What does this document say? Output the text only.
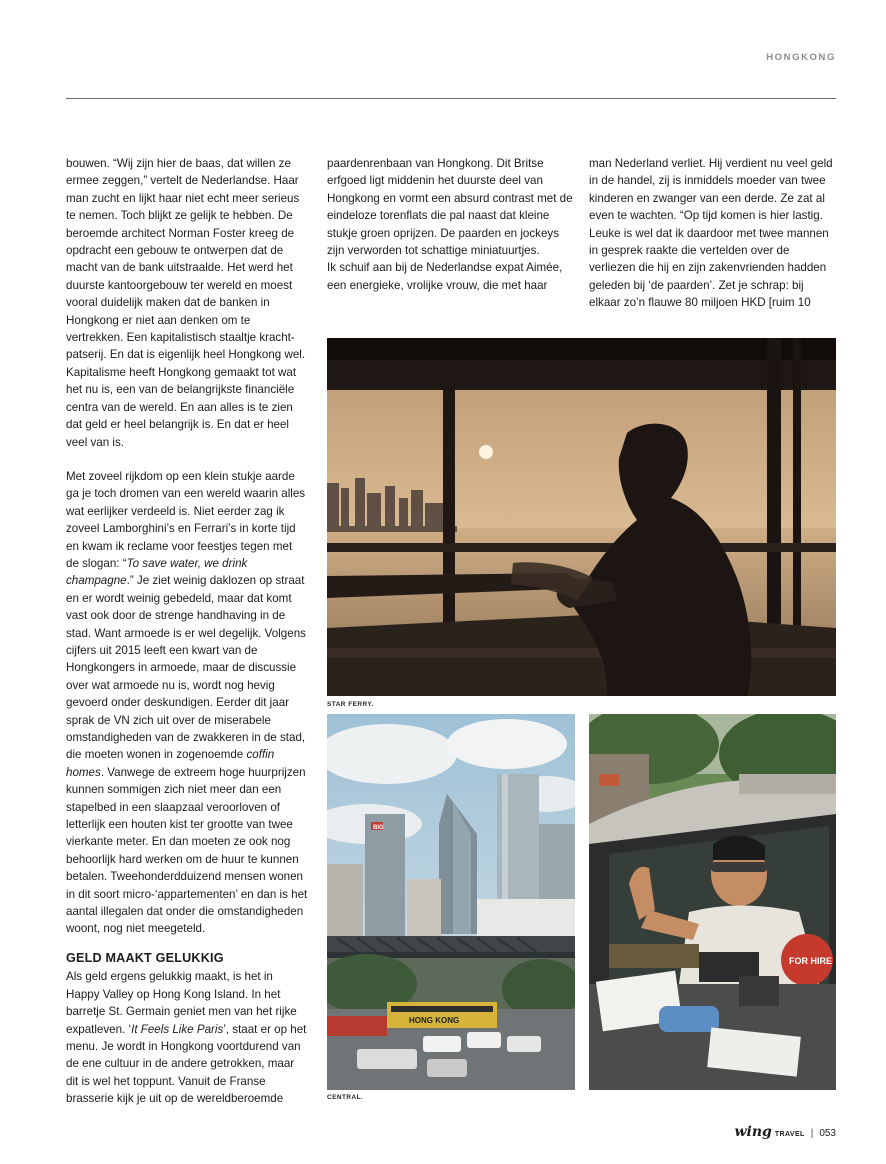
HONGKONG

bouwen. “Wij zijn hier de baas, dat willen ze ermee zeggen,” vertelt de Nederlandse. Haar man zucht en lijkt haar niet echt meer serieus te nemen. Toch blijkt ze gelijk te hebben. De beroemde architect Norman Foster kreeg de opdracht een gebouw te ontwerpen dat de macht van de bank uitstraalde. Het werd het duurste kantoorgebouw ter wereld en moest vooral duidelijk maken dat de banken in Hongkong er niet aan denken om te vertrekken. Een kapitalistisch staaltje krachtpatserij. En dat is eigenlijk heel Hongkong wel. Kapitalisme heeft Hongkong gemaakt tot wat het nu is, een van de belangrijkste financiële centra van de wereld. En aan alles is te zien dat geld er heel belangrijk is. En dat er heel veel van is.

Met zoveel rijkdom op een klein stukje aarde ga je toch dromen van een wereld waarin alles wat eerlijker verdeeld is. Niet eerder zag ik zoveel Lamborghini’s en Ferrari’s in korte tijd en kwam ik reclame voor feestjes tegen met de slogan: “To save water, we drink champagne.” Je ziet weinig daklozen op straat en er wordt weinig gebedeld, maar dat komt vast ook door de strenge handhaving in de stad. Want armoede is er wel degelijk. Volgens cijfers uit 2015 leeft een kwart van de Hongkongers in armoede, maar de discussie over wat armoede nu is, wordt nog hevig gevoerd onder deskundigen. Eerder dit jaar sprak de VN zich uit over de miserabele omstandigheden van de zwakkeren in de stad, die moeten wonen in zogenoemde coffin homes. Vanwege de extreem hoge huurprijzen kunnen sommigen zich niet meer dan een stapelbed in een slaapzaal veroorloven of letterlijk een houten kist ter grootte van twee vierkante meter. En dan moeten ze ook nog behoorlijk hard werken om de huur te kunnen betalen. Tweehonderdduizend mensen wonen in dit soort micro-‘appartementen’ en dan is het aantal illegalen dat onder die omstandigheden woont, nog niet meegeteld.

GELD MAAKT GELUKKIG

Als geld ergens gelukkig maakt, is het in Happy Valley op Hong Kong Island. In het barretje St. Germain geniet men van het rijke expatleven. ‘It Feels Like Paris’, staat er op het menu. Je wordt in Hongkong voortdurend van de ene cultuur in de andere getrokken, maar dit is wel het toppunt. Vanuit de Franse brasserie kijk je uit op de wereldberoemde

paardenrenbaan van Hongkong. Dit Britse erfgoed ligt middenin het duurste deel van Hongkong en vormt een absurd contrast met de eindeloze torenflats die pal naast dat kleine stukje groen oprijzen. De paarden en jockeys zijn verworden tot schattige miniatuurtjes.

Ik schuif aan bij de Nederlandse expat Aimée, een energieke, vrolijke vrouw, die met haar

man Nederland verliet. Hij verdient nu veel geld in de handel, zij is inmiddels moeder van twee kinderen en zwanger van een derde. Ze zat al even te wachten. “Op tijd komen is hier lastig. Leuke is wel dat ik daardoor met twee mannen in gesprek raakte die vertelden over de verliezen die hij en zijn zakenvrienden hadden geleden bij ‘de paarden’. Zet je schrap: bij elkaar zo’n flauwe 80 miljoen HKD [ruim 10

STAR FERRY.
BIG
HONG KONG
CENTRAL.
FOR HIRE
wing TRAVEL | 053
